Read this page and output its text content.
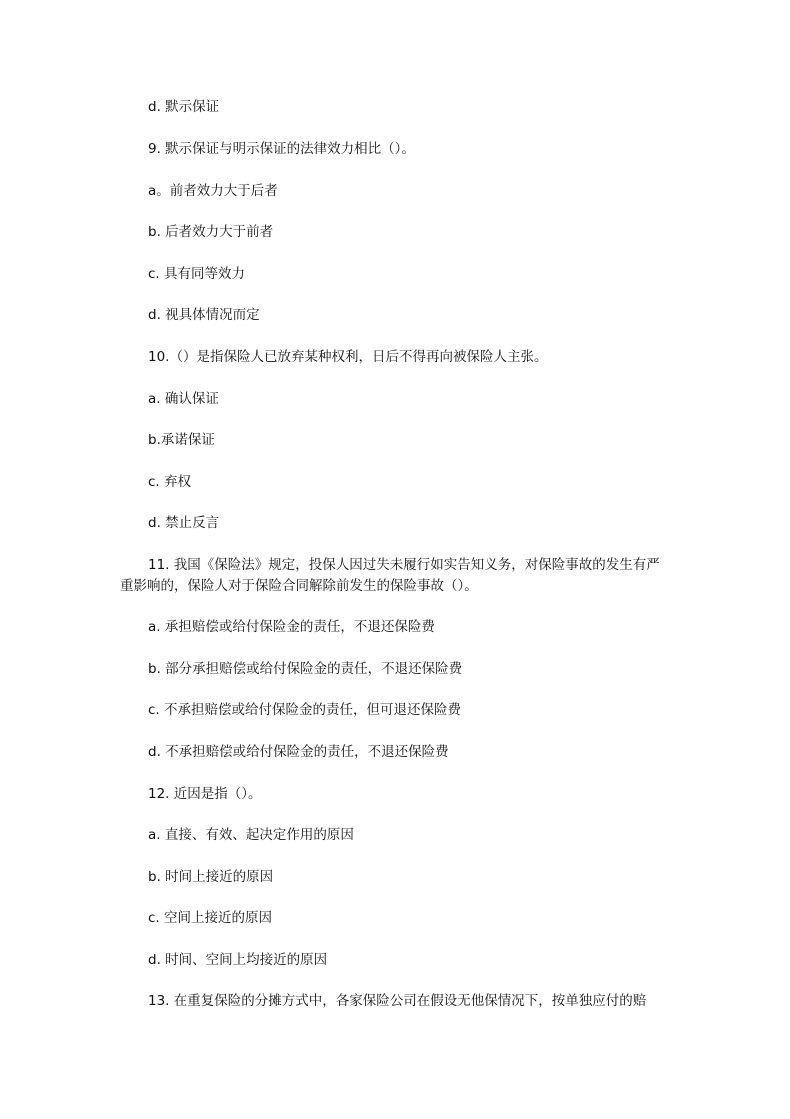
d. 默示保证
9. 默示保证与明示保证的法律效力相比（）。
a。前者效力大于后者
b. 后者效力大于前者
c. 具有同等效力
d. 视具体情况而定
10.（）是指保险人已放弃某种权利，日后不得再向被保险人主张。
a. 确认保证
b.承诺保证
c. 弃权
d. 禁止反言
11. 我国《保险法》规定，投保人因过失未履行如实告知义务，对保险事故的发生有严重影响的，保险人对于保险合同解除前发生的保险事故（）。
a. 承担赔偿或给付保险金的责任，不退还保险费
b. 部分承担赔偿或给付保险金的责任，不退还保险费
c. 不承担赔偿或给付保险金的责任，但可退还保险费
d. 不承担赔偿或给付保险金的责任，不退还保险费
12. 近因是指（）。
a. 直接、有效、起决定作用的原因
b. 时间上接近的原因
c. 空间上接近的原因
d. 时间、空间上均接近的原因
13. 在重复保险的分摊方式中，各家保险公司在假设无他保情况下，按单独应付的赔
